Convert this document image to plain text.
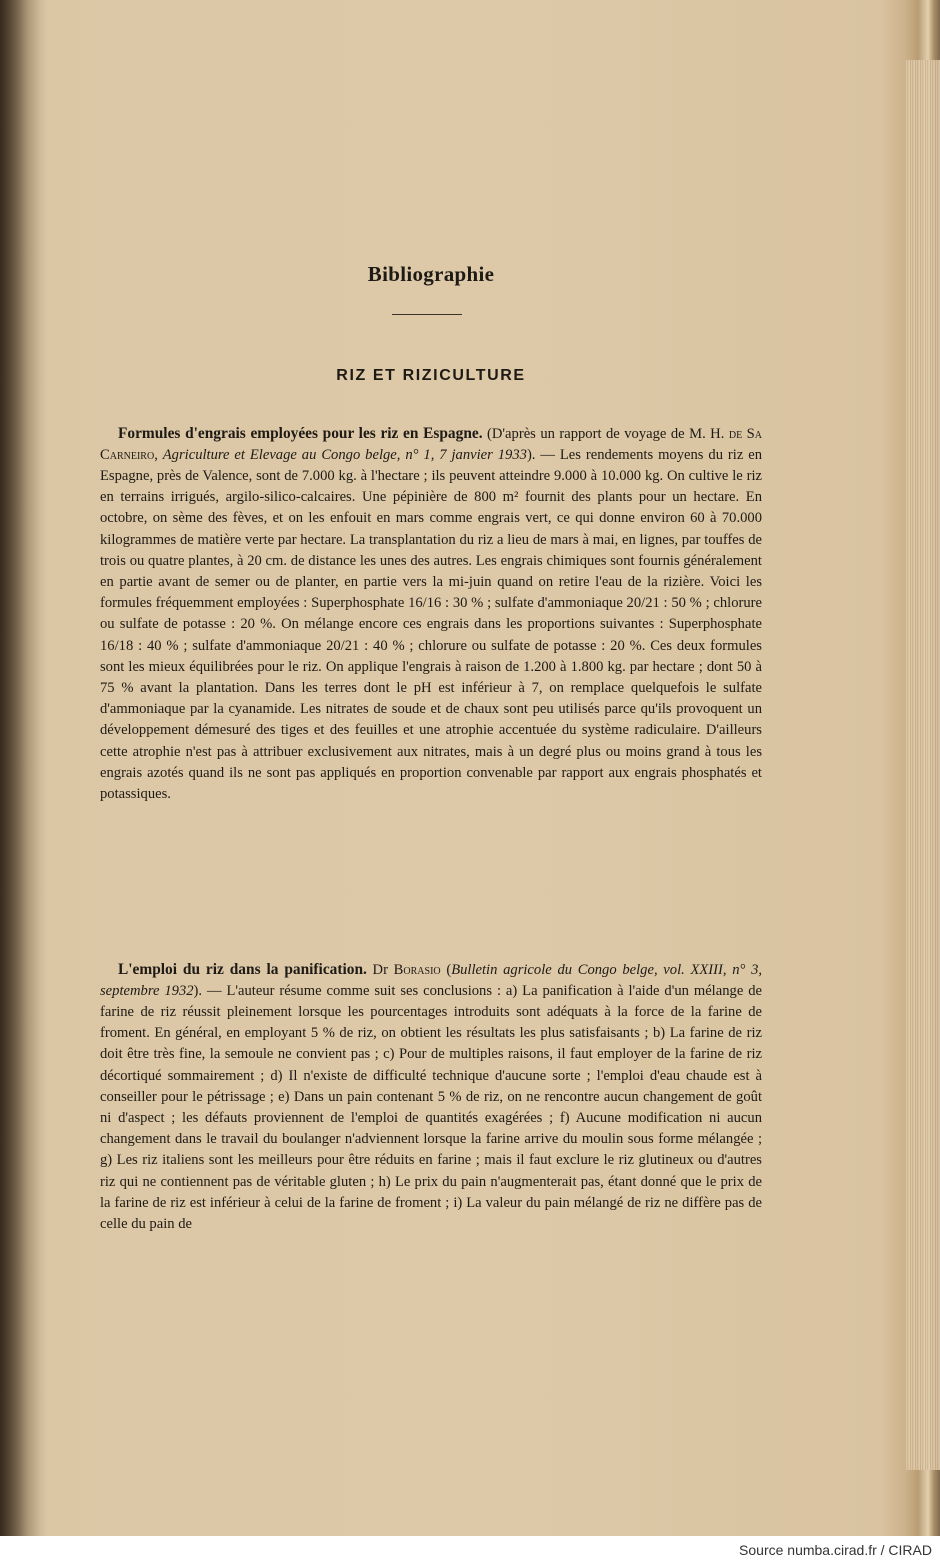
Bibliographie
RIZ ET RIZICULTURE

Formules d'engrais employées pour les riz en Espagne. (D'après un rapport de voyage de M. H. de Sa Carneiro, Agriculture et Elevage au Congo belge, n° 1, 7 janvier 1933). — Les rendements moyens du riz en Espagne, près de Valence, sont de 7.000 kg. à l'hectare ; ils peuvent atteindre 9.000 à 10.000 kg. On cultive le riz en terrains irrigués, argilo-silico-calcaires. Une pépinière de 800 m² fournit des plants pour un hectare. En octobre, on sème des fèves, et on les enfouit en mars comme engrais vert, ce qui donne environ 60 à 70.000 kilogrammes de matière verte par hectare. La transplantation du riz a lieu de mars à mai, en lignes, par touffes de trois ou quatre plantes, à 20 cm. de distance les unes des autres. Les engrais chimiques sont fournis généralement en partie avant de semer ou de planter, en partie vers la mi-juin quand on retire l'eau de la rizière. Voici les formules fréquemment employées : Superphosphate 16/16 : 30 % ; sulfate d'ammoniaque 20/21 : 50 % ; chlorure ou sulfate de potasse : 20 %. On mélange encore ces engrais dans les proportions suivantes : Superphosphate 16/18 : 40 % ; sulfate d'ammoniaque 20/21 : 40 % ; chlorure ou sulfate de potasse : 20 %. Ces deux formules sont les mieux équilibrées pour le riz. On applique l'engrais à raison de 1.200 à 1.800 kg. par hectare ; dont 50 à 75 % avant la plantation. Dans les terres dont le pH est inférieur à 7, on remplace quelquefois le sulfate d'ammoniaque par la cyanamide. Les nitrates de soude et de chaux sont peu utilisés parce qu'ils provoquent un développement démesuré des tiges et des feuilles et une atrophie accentuée du système radiculaire. D'ailleurs cette atrophie n'est pas à attribuer exclusivement aux nitrates, mais à un degré plus ou moins grand à tous les engrais azotés quand ils ne sont pas appliqués en proportion convenable par rapport aux engrais phosphatés et potassiques.

L'emploi du riz dans la panification. Dr Borasio (Bulletin agricole du Congo belge, vol. XXIII, n° 3, septembre 1932). — L'auteur résume comme suit ses conclusions : a) La panification à l'aide d'un mélange de farine de riz réussit pleinement lorsque les pourcentages introduits sont adéquats à la force de la farine de froment. En général, en employant 5 % de riz, on obtient les résultats les plus satisfaisants ; b) La farine de riz doit être très fine, la semoule ne convient pas ; c) Pour de multiples raisons, il faut employer de la farine de riz décortiqué sommairement ; d) Il n'existe de difficulté technique d'aucune sorte ; l'emploi d'eau chaude est à conseiller pour le pétrissage ; e) Dans un pain contenant 5 % de riz, on ne rencontre aucun changement de goût ni d'aspect ; les défauts proviennent de l'emploi de quantités exagérées ; f) Aucune modification ni aucun changement dans le travail du boulanger n'adviennent lorsque la farine arrive du moulin sous forme mélangée ; g) Les riz italiens sont les meilleurs pour être réduits en farine ; mais il faut exclure le riz glutineux ou d'autres riz qui ne contiennent pas de véritable gluten ; h) Le prix du pain n'augmenterait pas, étant donné que le prix de la farine de riz est inférieur à celui de la farine de froment ; i) La valeur du pain mélangé de riz ne diffère pas de celle du pain de

Source numba.cirad.fr / CIRAD
